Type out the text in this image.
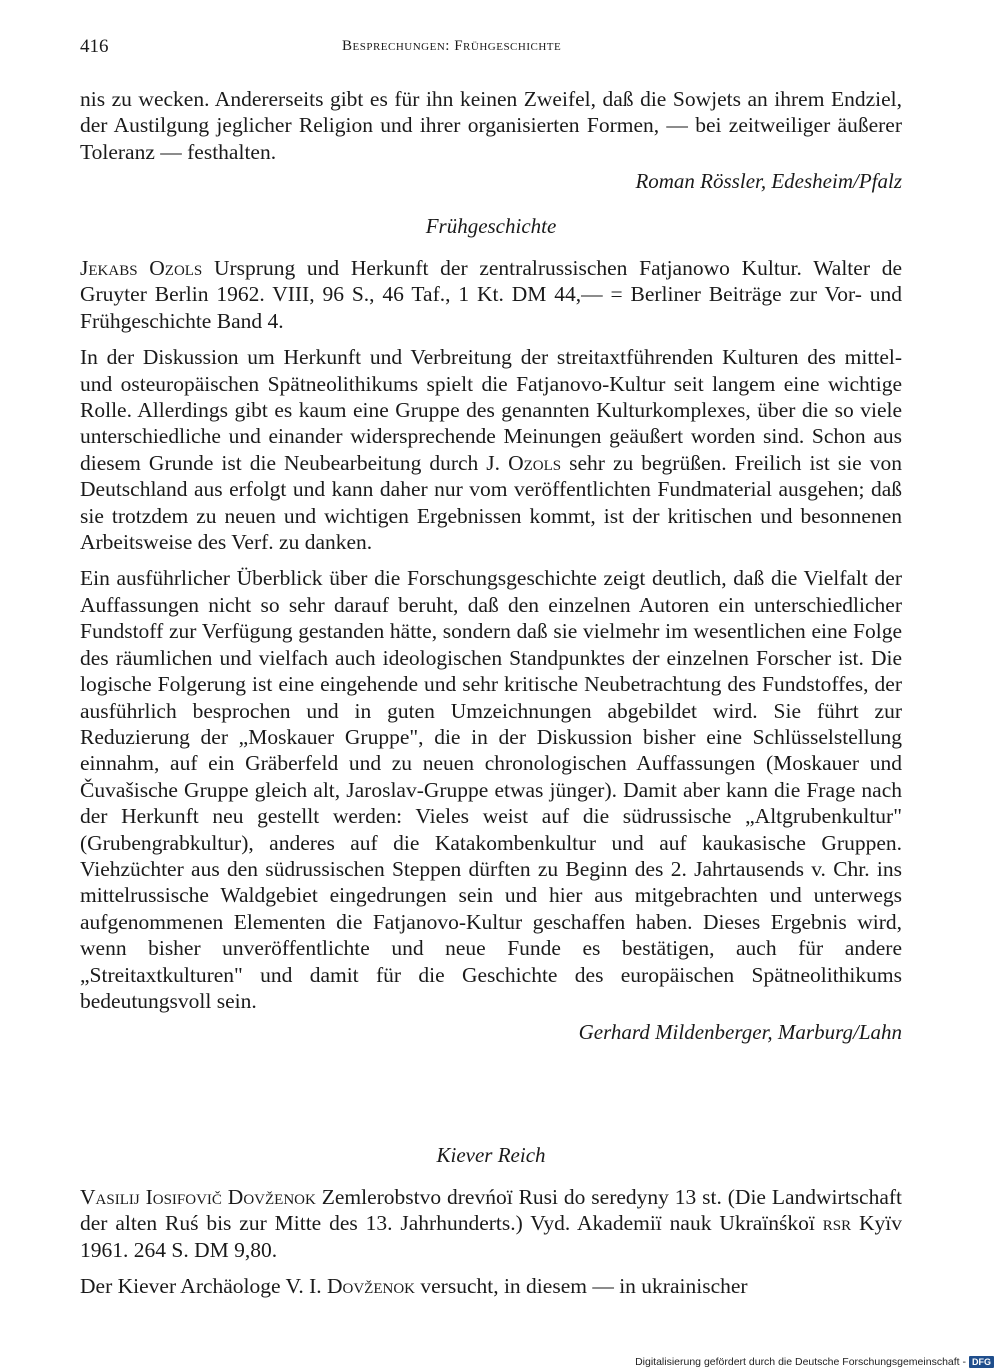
416	Besprechungen: Frühgeschichte

nis zu wecken. Andererseits gibt es für ihn keinen Zweifel, daß die Sowjets an ihrem Endziel, der Austilgung jeglicher Religion und ihrer organisierten Formen, — bei zeitweiliger äußerer Toleranz — festhalten.

Roman Rössler, Edesheim/Pfalz
Frühgeschichte

Jekabs Ozols Ursprung und Herkunft der zentralrussischen Fatjanowo Kultur. Walter de Gruyter Berlin 1962. VIII, 96 S., 46 Taf., 1 Kt. DM 44,— = Berliner Beiträge zur Vor- und Frühgeschichte Band 4.

In der Diskussion um Herkunft und Verbreitung der streitaxtführenden Kulturen des mittel- und osteuropäischen Spätneolithikums spielt die Fatjanovo-Kultur seit langem eine wichtige Rolle. Allerdings gibt es kaum eine Gruppe des genannten Kulturkomplexes, über die so viele unterschiedliche und einander widersprechende Meinungen geäußert worden sind. Schon aus diesem Grunde ist die Neubearbeitung durch J. Ozols sehr zu begrüßen. Freilich ist sie von Deutschland aus erfolgt und kann daher nur vom veröffentlichten Fundmaterial ausgehen; daß sie trotzdem zu neuen und wichtigen Ergebnissen kommt, ist der kritischen und besonnenen Arbeitsweise des Verf. zu danken.

Ein ausführlicher Überblick über die Forschungsgeschichte zeigt deutlich, daß die Vielfalt der Auffassungen nicht so sehr darauf beruht, daß den einzelnen Autoren ein unterschiedlicher Fundstoff zur Verfügung gestanden hätte, sondern daß sie vielmehr im wesentlichen eine Folge des räumlichen und vielfach auch ideologischen Standpunktes der einzelnen Forscher ist. Die logische Folgerung ist eine eingehende und sehr kritische Neubetrachtung des Fundstoffes, der ausführlich besprochen und in guten Umzeichnungen abgebildet wird. Sie führt zur Reduzierung der „Moskauer Gruppe", die in der Diskussion bisher eine Schlüsselstellung einnahm, auf ein Gräberfeld und zu neuen chronologischen Auffassungen (Moskauer und Čuvašische Gruppe gleich alt, Jaroslav-Gruppe etwas jünger). Damit aber kann die Frage nach der Herkunft neu gestellt werden: Vieles weist auf die südrussische „Altgrubenkultur" (Grubengrabkultur), anderes auf die Katakombenkultur und auf kaukasische Gruppen. Viehzüchter aus den südrussischen Steppen dürften zu Beginn des 2. Jahrtausends v. Chr. ins mittelrussische Waldgebiet eingedrungen sein und hier aus mitgebrachten und unterwegs aufgenommenen Elementen die Fatjanovo-Kultur geschaffen haben. Dieses Ergebnis wird, wenn bisher unveröffentlichte und neue Funde es bestätigen, auch für andere „Streitaxtkulturen" und damit für die Geschichte des europäischen Spätneolithikums bedeutungsvoll sein.

Gerhard Mildenberger, Marburg/Lahn
Kiever Reich

Vasilij Iosifovič Dovženok Zemlerobstvo drevńoï Rusi do seredyny 13 st. (Die Landwirtschaft der alten Ruś bis zur Mitte des 13. Jahrhunderts.) Vyd. Akademiï nauk Ukraïnśkoï rsr Kyïv 1961. 264 S. DM 9,80.

Der Kiever Archäologe V. I. Dovženok versucht, in diesem — in ukrainischer

Digitalisierung gefördert durch die Deutsche Forschungsgemeinschaft - DFG
